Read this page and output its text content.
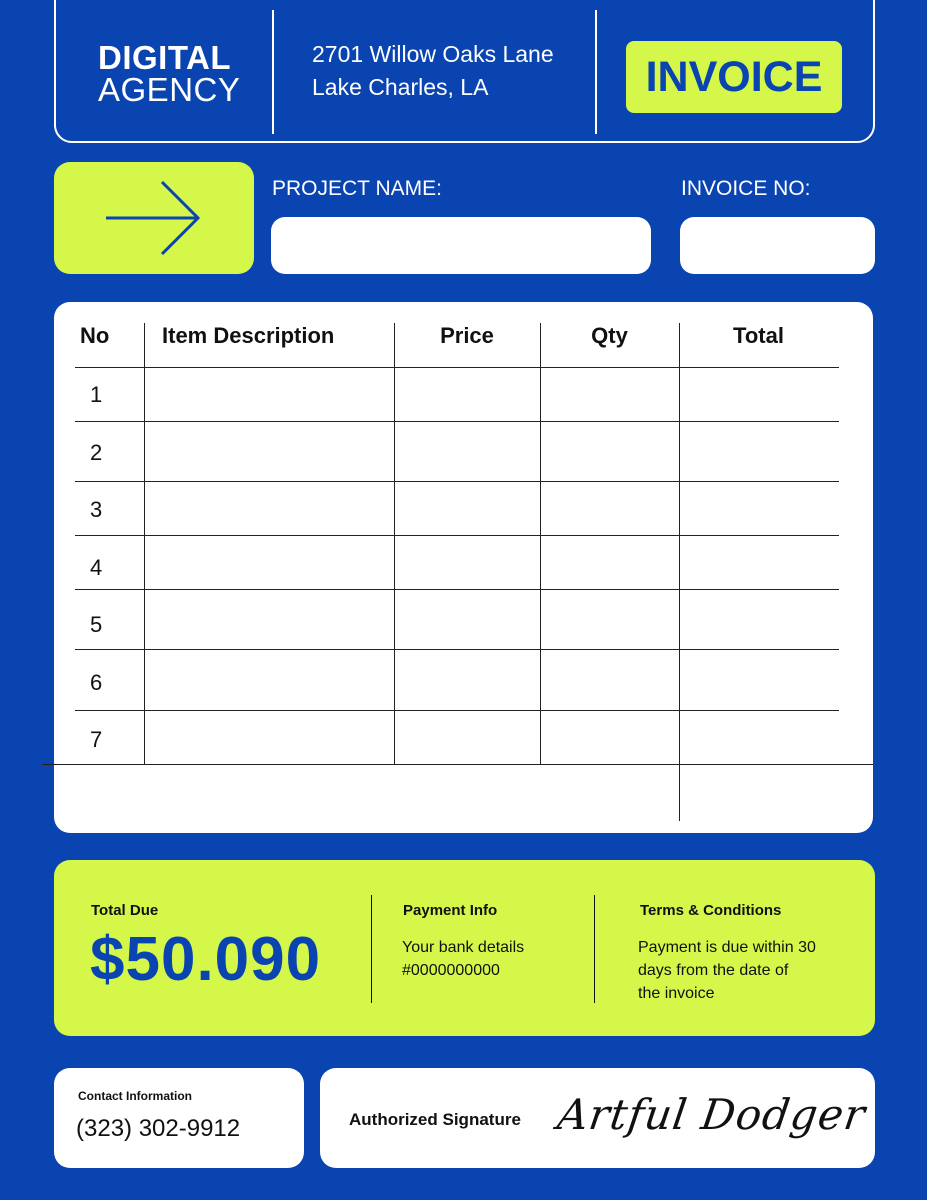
DIGITAL
AGENCY
2701 Willow Oaks Lane
Lake Charles, LA	INVOICE
PROJECT NAME:	INVOICE NO:
No Item Description	Price	Qty	Total
1
2
3
4
5
6
7
Total Due
$50.090
Payment Info
Your bank details
#0000000000
Terms & Conditions
Payment is due within 30
days from the date of
the invoice
Contact Information
(323) 302-9912	Authorized Signature Artful Dodger
